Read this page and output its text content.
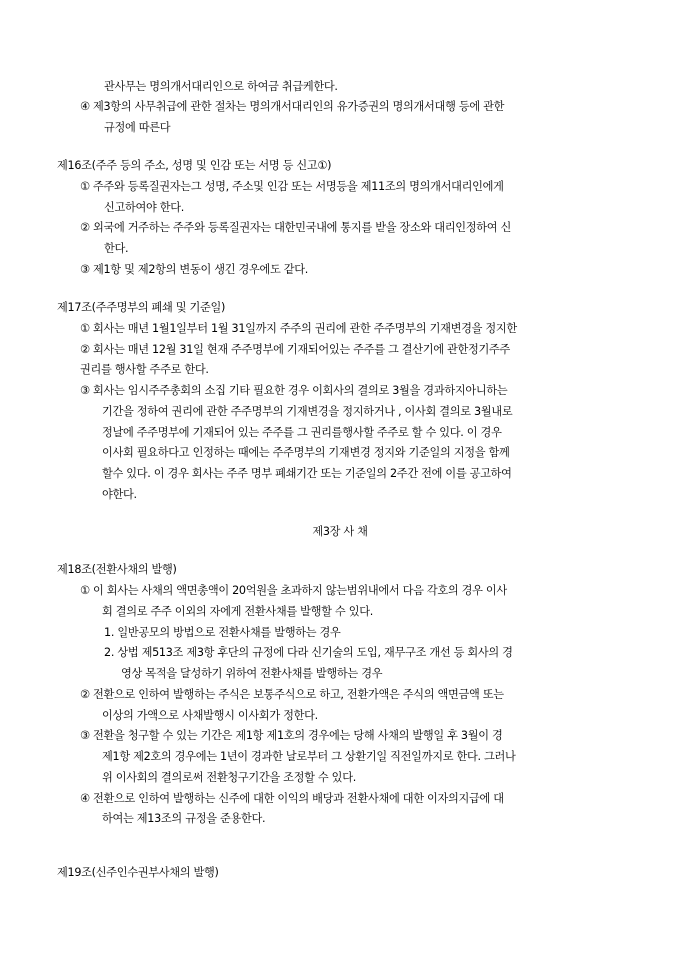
관사무는 명의개서대리인으로 하여금 취급케한다.
④ 제3항의 사무취급에 관한 절차는 명의개서대리인의 유가증권의 명의개서대행 등에 관한
규정에 따른다
제16조(주주 등의 주소, 성명 및 인감 또는 서명 등 신고①)
① 주주와 등록질권자는그 성명, 주소및 인감 또는 서명등을 제11조의 명의개서대리인에게
신고하여야 한다.
② 외국에 거주하는 주주와 등록질권자는 대한민국내에 통지를 받을 장소와 대리인정하여 신
한다.
③ 제1항 및 제2항의 변동이 생긴 경우에도 같다.
제17조(주주명부의 폐쇄 및 기준일)
① 회사는 매년 1월1일부터 1월 31일까지 주주의 권리에 관한 주주명부의 기재변경을 정지한
② 회사는 매년 12월 31일 현재 주주명부에 기재되어있는 주주를 그 결산기에 관한정기주주
권리를 행사할 주주로 한다.
③ 회사는 임시주주총회의 소집 기타 필요한 경우 이회사의 결의로 3월을 경과하지아니하는
기간을 정하여 권리에 관한 주주명부의 기재변경을 정지하거나 , 이사회 결의로 3월내로
정날에 주주명부에 기재되어 있는 주주를 그 권리를행사할 주주로 할 수 있다. 이 경우
이사회 필요하다고 인정하는 때에는 주주명부의 기재변경 정지와 기준일의 지정을 함께
할수 있다. 이 경우 회사는 주주 명부 폐쇄기간 또는 기준일의 2주간 전에 이를 공고하여
야한다.
제3장 사 채
제18조(전환사채의 발행)
① 이 회사는 사채의 액면총액이 20억원을 초과하지 않는범위내에서 다음 각호의 경우 이사
회 결의로 주주 이외의 자에게 전환사채를 발행할 수 있다.
1. 일반공모의 방법으로 전환사채를 발행하는 경우
2. 상법 제513조 제3항 후단의 규정에 다라 신기술의 도입, 재무구조 개선 등 회사의 경
영상 목적을 달성하기 위하여 전환사채를 발행하는 경우
② 전환으로 인하여 발행하는 주식은 보통주식으로 하고, 전환가액은 주식의 액면금액 또는
이상의 가액으로 사채발행시 이사회가 정한다.
③ 전환을 청구할 수 있는 기간은 제1항 제1호의 경우에는 당해 사채의 발행일 후 3월이 경
제1항 제2호의 경우에는 1년이 경과한 날로부터 그 상환기일 직전일까지로 한다. 그러나
위 이사회의 결의로써 전환청구기간을 조정할 수 있다.
④ 전환으로 인하여 발행하는 신주에 대한 이익의 배당과 전환사채에 대한 이자의지급에 대
하여는 제13조의 규정을 준용한다.
제19조(신주인수권부사채의 발행)
